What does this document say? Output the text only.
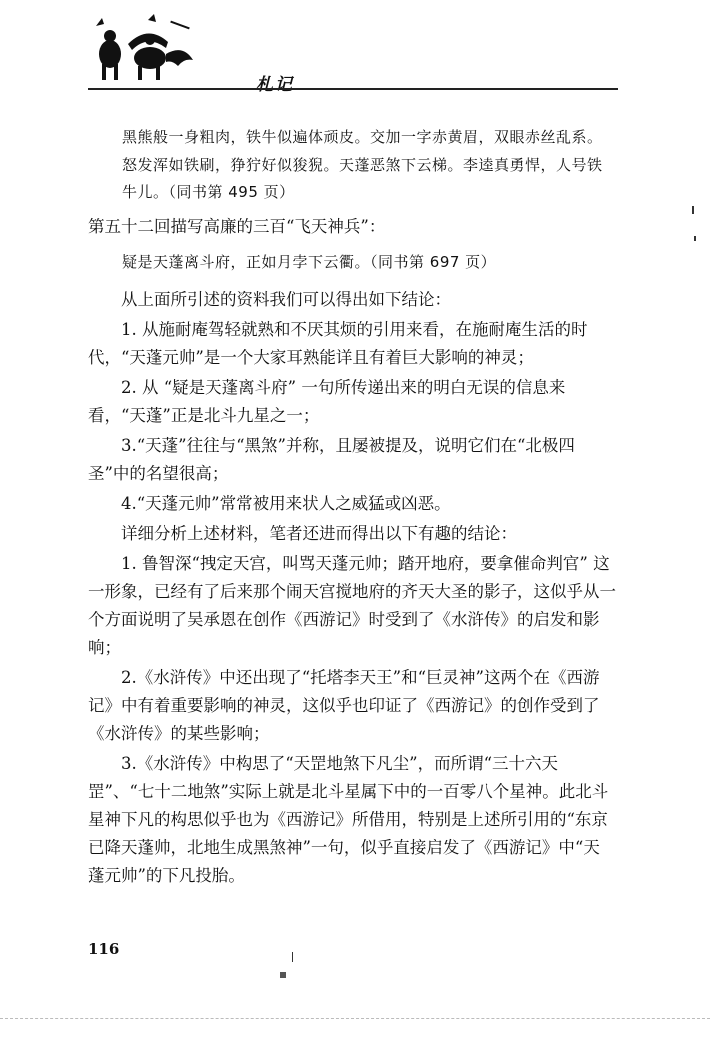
札记

黑熊般一身粗肉，铁牛似遍体顽皮。交加一字赤黄眉，双眼赤丝乱系。怒发浑如铁刷，狰狞好似狻猊。天蓬恶煞下云梯。李逵真勇悍，人号铁牛儿。（同书第 495 页）

第五十二回描写高廉的三百“飞天神兵”：

疑是天蓬离斗府，正如月孛下云衢。（同书第 697 页）

从上面所引述的资料我们可以得出如下结论：

1. 从施耐庵驾轻就熟和不厌其烦的引用来看，在施耐庵生活的时代，“天蓬元帅”是一个大家耳熟能详且有着巨大影响的神灵；

2. 从 “疑是天蓬离斗府” 一句所传递出来的明白无误的信息来看，“天蓬”正是北斗九星之一；

3.“天蓬”往往与“黑煞”并称，且屡被提及，说明它们在“北极四圣”中的名望很高；

4.“天蓬元帅”常常被用来状人之威猛或凶恶。

详细分析上述材料，笔者还进而得出以下有趣的结论：

1. 鲁智深“拽定天宫，叫骂天蓬元帅；踏开地府，要拿催命判官” 这一形象，已经有了后来那个闹天宫搅地府的齐天大圣的影子，这似乎从一个方面说明了吴承恩在创作《西游记》时受到了《水浒传》的启发和影响；

2.《水浒传》中还出现了“托塔李天王”和“巨灵神”这两个在《西游记》中有着重要影响的神灵，这似乎也印证了《西游记》的创作受到了《水浒传》的某些影响；

3.《水浒传》中构思了“天罡地煞下凡尘”，而所谓“三十六天罡”、“七十二地煞”实际上就是北斗星属下中的一百零八个星神。此北斗星神下凡的构思似乎也为《西游记》所借用，特别是上述所引用的“东京已降天蓬帅，北地生成黑煞神”一句，似乎直接启发了《西游记》中“天蓬元帅”的下凡投胎。

116
